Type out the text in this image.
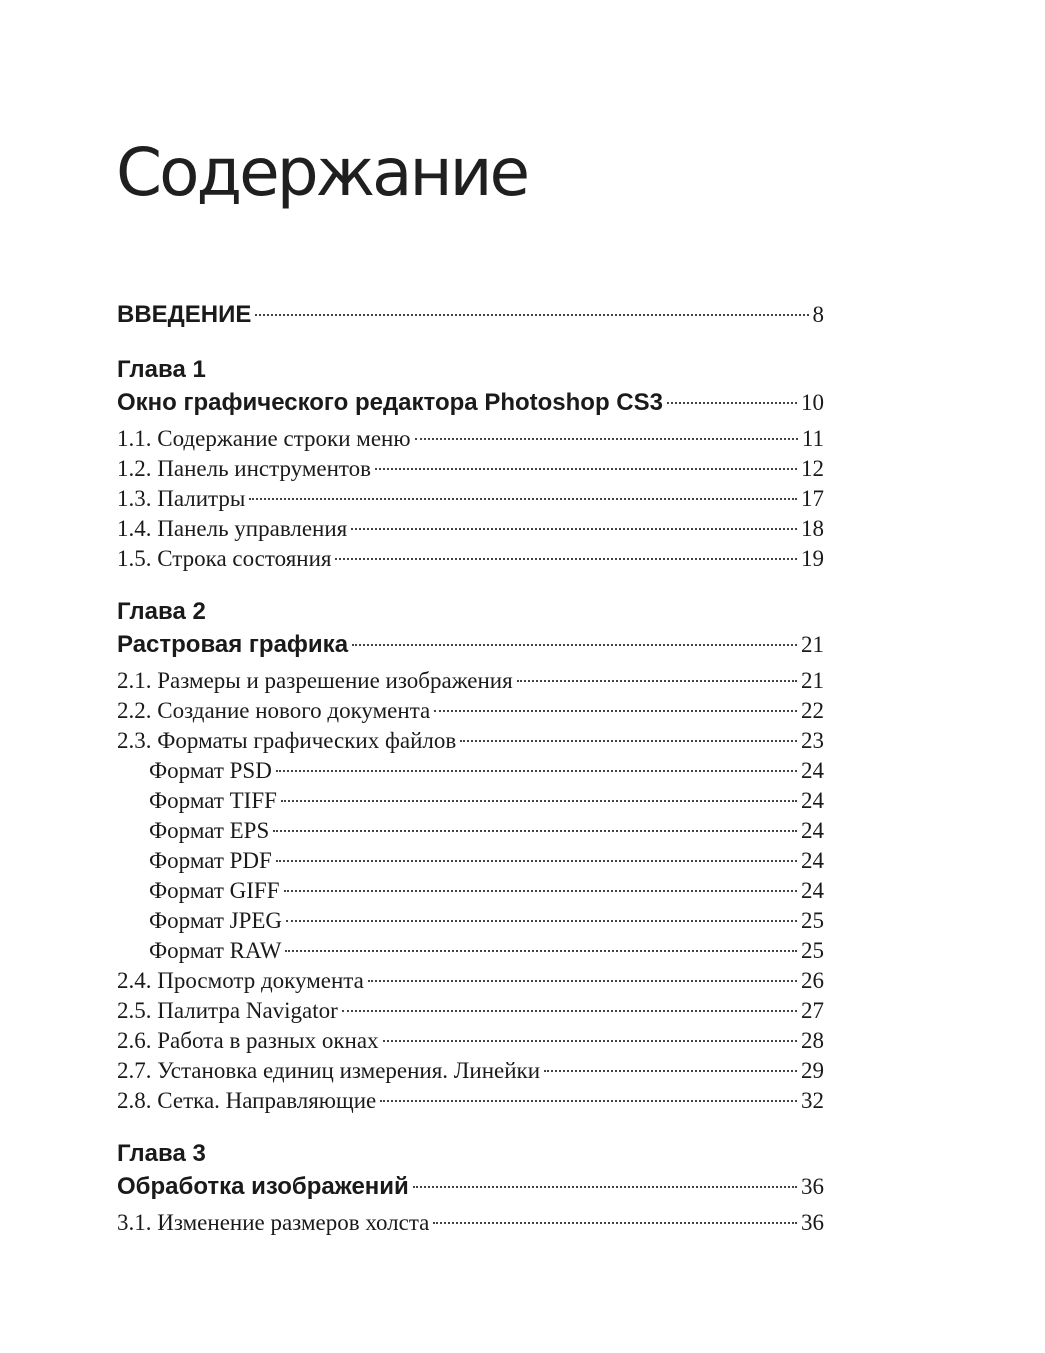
Содержание
ВВЕДЕНИЕ	8
Глава 1
Окно графического редактора Photoshop CS3	10
1.1. Содержание строки меню	11
1.2. Панель инструментов	12
1.3. Палитры	17
1.4. Панель управления	18
1.5. Строка состояния	19
Глава 2
Растровая графика	21
2.1. Размеры и разрешение изображения	21
2.2. Создание нового документа	22
2.3. Форматы графических файлов	23
Формат PSD	24
Формат TIFF	24
Формат EPS	24
Формат PDF	24
Формат GIFF	24
Формат JPEG	25
Формат RAW	25
2.4. Просмотр документа	26
2.5. Палитра Navigator	27
2.6. Работа в разных окнах	28
2.7. Установка единиц измерения. Линейки	29
2.8. Сетка. Направляющие	32
Глава 3
Обработка изображений	36
3.1. Изменение размеров холста	36
